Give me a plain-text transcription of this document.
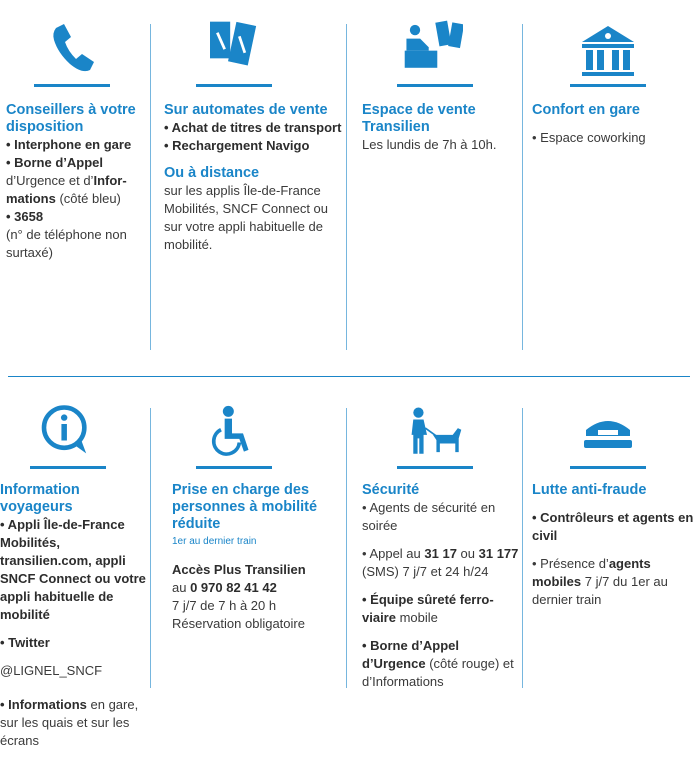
Conseillers à votre disposition

• Interphone en gare

• Borne d’Appel
d’Urgence et d’Infor-mations (côté bleu)

• 3658

(n° de téléphone non surtaxé)

Sur automates de vente

• Achat de titres de transport

• Rechargement Navigo

Ou à distance

sur les applis Île-de-France Mobilités, SNCF Connect ou sur votre appli habituelle de mobilité.

Espace de vente Transilien

Les lundis de 7h à 10h.

Confort en gare

• Espace coworking

Information voyageurs

• Appli Île-de-France Mobilités, transilien.com, appli SNCF Connect ou votre appli habituelle de mobilité

• Twitter

@LIGNEL_SNCF

• Informations en gare, sur les quais et sur les écrans

Prise en charge des personnes à mobilité réduite

1er au dernier train

Accès Plus Transilien

au 0 970 82 41 42

7 j/7 de 7 h à 20 h

Réservation obligatoire

Sécurité

• Agents de sécurité en soirée

• Appel au 31 17 ou 31 177 (SMS) 7 j/7 et 24 h/24

• Équipe sûreté ferro-viaire mobile

• Borne d’Appel d’Urgence (côté rouge) et d’Informations

Lutte anti-fraude

• Contrôleurs et agents en civil

• Présence d’agents mobiles 7 j/7 du 1er au dernier train
